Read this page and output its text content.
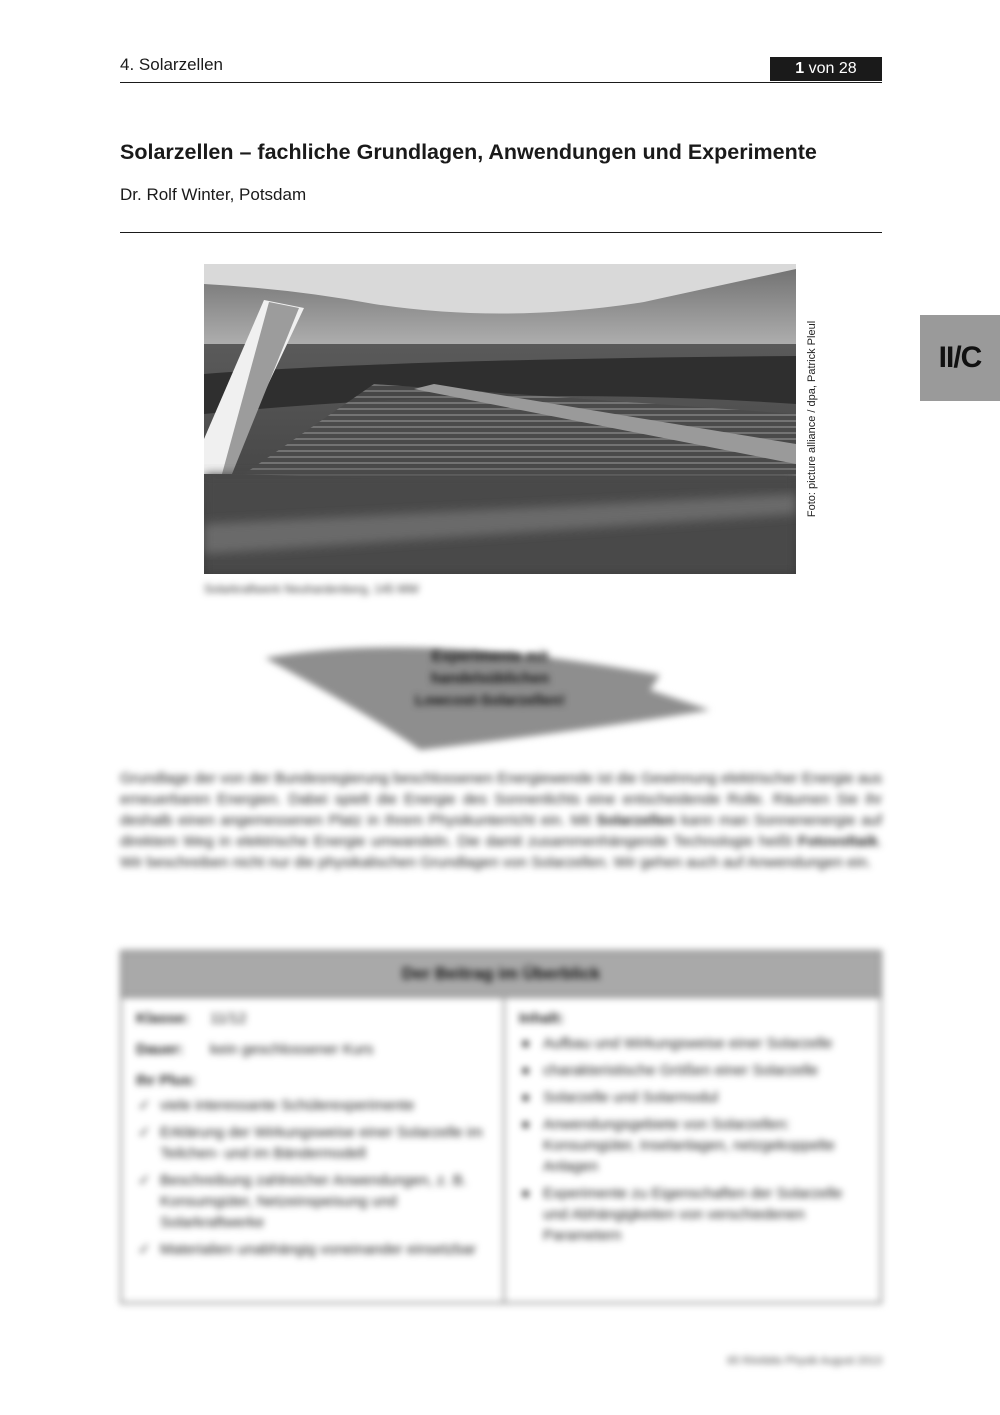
4. Solarzellen	1 von 28
Solarzellen – fachliche Grundlagen, Anwendungen und Experimente
Dr. Rolf Winter, Potsdam
II/C
Foto: picture alliance / dpa, Patrick Pleul
Solarkraftwerk Neuhardenberg, 145 MW
Experimente mit
handelsüblichen
Lowcost-Solarzellen!

Grundlage der von der Bundesregierung beschlossenen Energiewende ist die Gewinnung elektrischer Energie aus erneuerbaren Energien. Dabei spielt die Energie des Sonnenlichts eine entscheidende Rolle. Räumen Sie ihr deshalb einen angemessenen Platz in Ihrem Physikunterricht ein. Mit Solarzellen kann man Sonnenenergie auf direktem Weg in elektrische Energie umwandeln. Die damit zusammenhängende Technologie heißt Fotovoltaik. Wir beschreiben nicht nur die physikalischen Grundlagen von Solarzellen. Wir gehen auch auf Anwendungen ein.

Der Beitrag im Überblick
Klasse: 11/12
Dauer: kein geschlossener Kurs
Ihr Plus:
✓ viele interessante Schülerexperimente
✓ Erklärung der Wirkungsweise einer Solarzelle im Teilchen- und im Bändermodell
✓ Beschreibung zahlreicher Anwendungen, z. B. Konsumgüter, Netzeinspeisung und Solarkraftwerke
✓ Materialien unabhängig voneinander einsetzbar
Inhalt:
● Aufbau und Wirkungsweise einer Solarzelle
● charakteristische Größen einer Solarzelle
● Solarzelle und Solarmodul
● Anwendungsgebiete von Solarzellen: Konsumgüter, Inselanlagen, netzgekoppelte Anlagen
● Experimente zu Eigenschaften der Solarzelle und Abhängigkeiten von verschiedenen Parametern
65 RAAbits Physik August 2013
